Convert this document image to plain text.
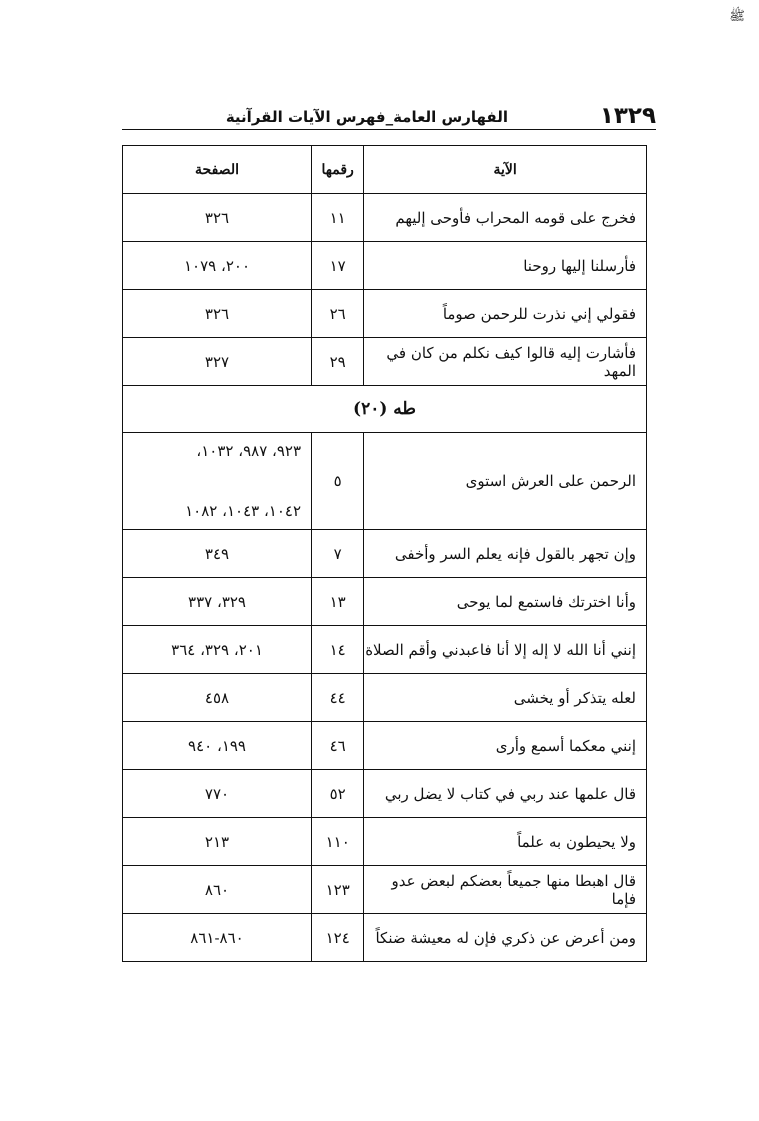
ﷺ
١٣٢٩
الفهارس العامة_فهرس الآيات القرآنية
الآية	رقمها	الصفحة
فخرج على قومه المحراب فأوحى إليهم	١١	٣٢٦
فأرسلنا إليها روحنا	١٧	٢٠٠، ١٠٧٩
فقولي إني نذرت للرحمن صوماً	٢٦	٣٢٦
فأشارت إليه قالوا كيف نكلم من كان في المهد	٢٩	٣٢٧
طه (٢٠)		
الرحمن على العرش استوى	٥	٩٢٣، ٩٨٧، ١٠٣٢،
١٠٤٢، ١٠٤٣، ١٠٨٢

وإن تجهر بالقول فإنه يعلم السر وأخفى	٧	٣٤٩
وأنا اخترتك فاستمع لما يوحى	١٣	٣٢٩، ٣٣٧
إنني أنا الله لا إله إلا أنا فاعبدني وأقم الصلاة	١٤	٢٠١، ٣٢٩، ٣٦٤
لعله يتذكر أو يخشى	٤٤	٤٥٨
إنني معكما أسمع وأرى	٤٦	١٩٩، ٩٤٠
قال علمها عند ربي في كتاب لا يضل ربي	٥٢	٧٧٠
ولا يحيطون به علماً	١١٠	٢١٣
قال اهبطا منها جميعاً بعضكم لبعض عدو فإما	١٢٣	٨٦٠
ومن أعرض عن ذكري فإن له معيشة ضنكاً	١٢٤	٨٦٠-٨٦١
